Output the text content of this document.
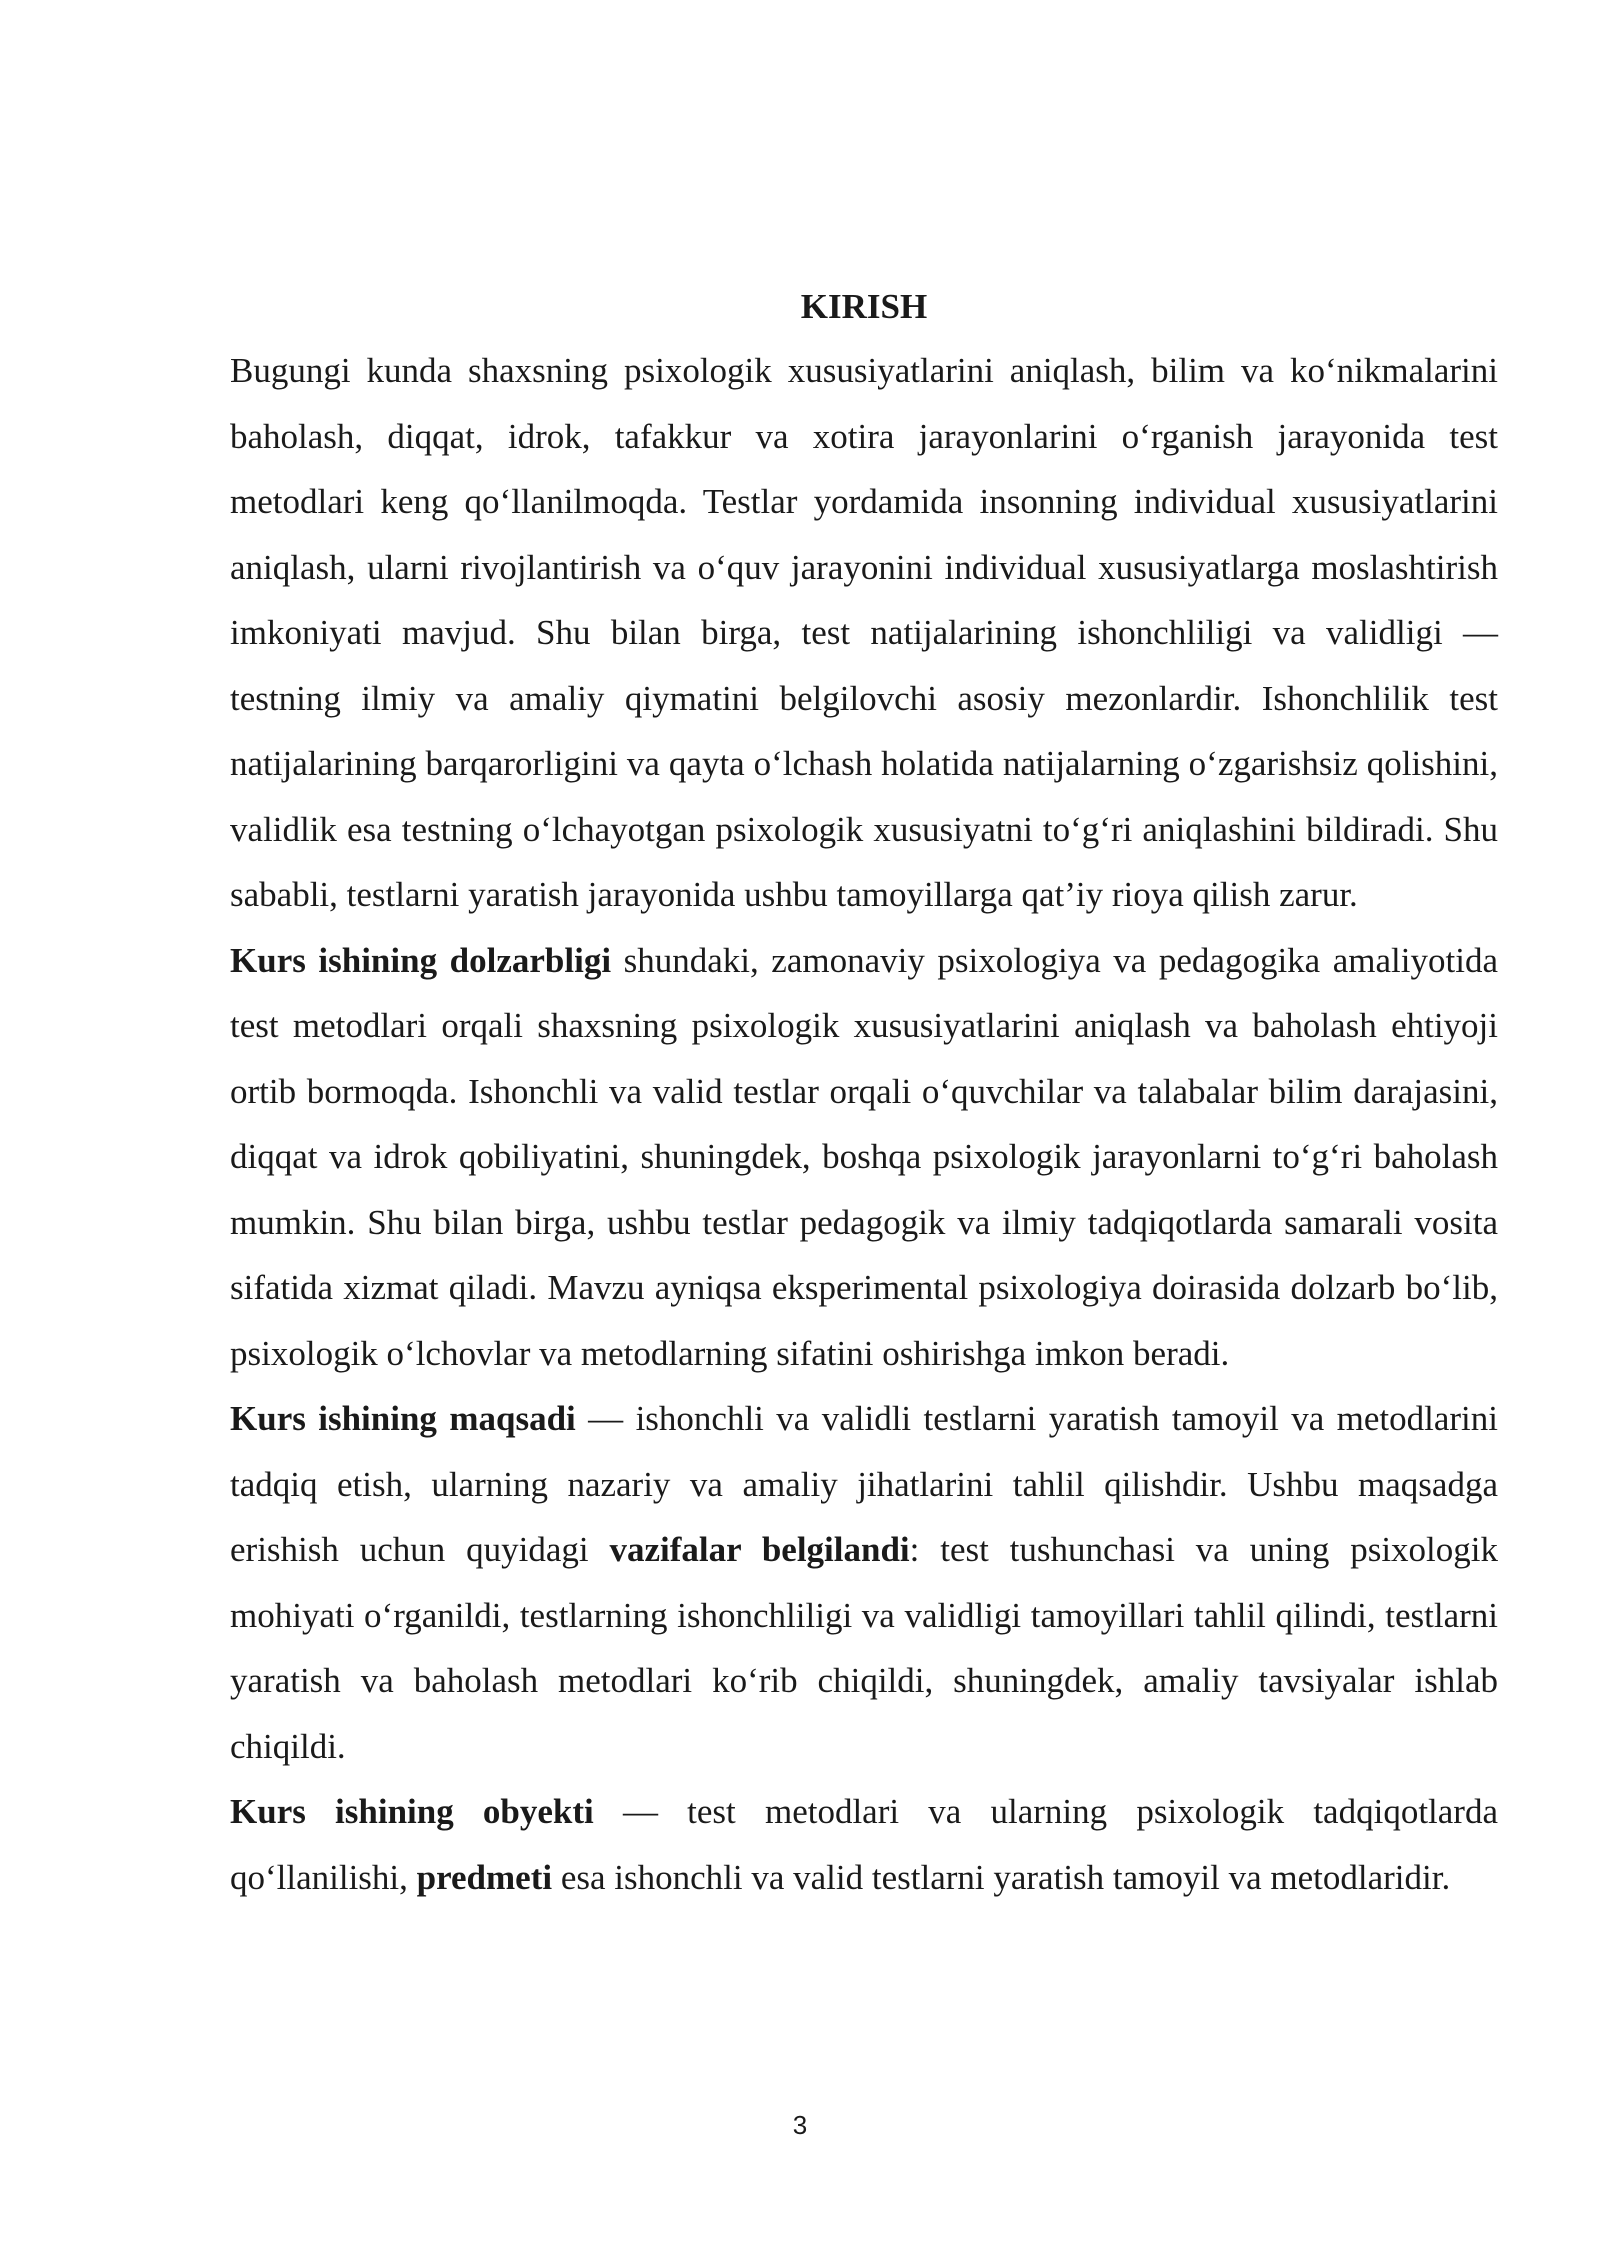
KIRISH

Bugungi kunda shaxsning psixologik xususiyatlarini aniqlash, bilim va ko‘nikmalarini baholash, diqqat, idrok, tafakkur va xotira jarayonlarini o‘rganish jarayonida test metodlari keng qo‘llanilmoqda. Testlar yordamida insonning individual xususiyatlarini aniqlash, ularni rivojlantirish va o‘quv jarayonini individual xususiyatlarga moslashtirish imkoniyati mavjud. Shu bilan birga, test natijalarining ishonchliligi va validligi — testning ilmiy va amaliy qiymatini belgilovchi asosiy mezonlardir. Ishonchlilik test natijalarining barqarorligini va qayta o‘lchash holatida natijalarning o‘zgarishsiz qolishini, validlik esa testning o‘lchayotgan psixologik xususiyatni to‘g‘ri aniqlashini bildiradi. Shu sababli, testlarni yaratish jarayonida ushbu tamoyillarga qat’iy rioya qilish zarur.

Kurs ishining dolzarbligi shundaki, zamonaviy psixologiya va pedagogika amaliyotida test metodlari orqali shaxsning psixologik xususiyatlarini aniqlash va baholash ehtiyoji ortib bormoqda. Ishonchli va valid testlar orqali o‘quvchilar va talabalar bilim darajasini, diqqat va idrok qobiliyatini, shuningdek, boshqa psixologik jarayonlarni to‘g‘ri baholash mumkin. Shu bilan birga, ushbu testlar pedagogik va ilmiy tadqiqotlarda samarali vosita sifatida xizmat qiladi. Mavzu ayniqsa eksperimental psixologiya doirasida dolzarb bo‘lib, psixologik o‘lchovlar va metodlarning sifatini oshirishga imkon beradi.

Kurs ishining maqsadi — ishonchli va validli testlarni yaratish tamoyil va metodlarini tadqiq etish, ularning nazariy va amaliy jihatlarini tahlil qilishdir. Ushbu maqsadga erishish uchun quyidagi vazifalar belgilandi: test tushunchasi va uning psixologik mohiyati o‘rganildi, testlarning ishonchliligi va validligi tamoyillari tahlil qilindi, testlarni yaratish va baholash metodlari ko‘rib chiqildi, shuningdek, amaliy tavsiyalar ishlab chiqildi.

Kurs ishining obyekti — test metodlari va ularning psixologik tadqiqotlarda qo‘llanilishi, predmeti esa ishonchli va valid testlarni yaratish tamoyil va metodlaridir.

3
